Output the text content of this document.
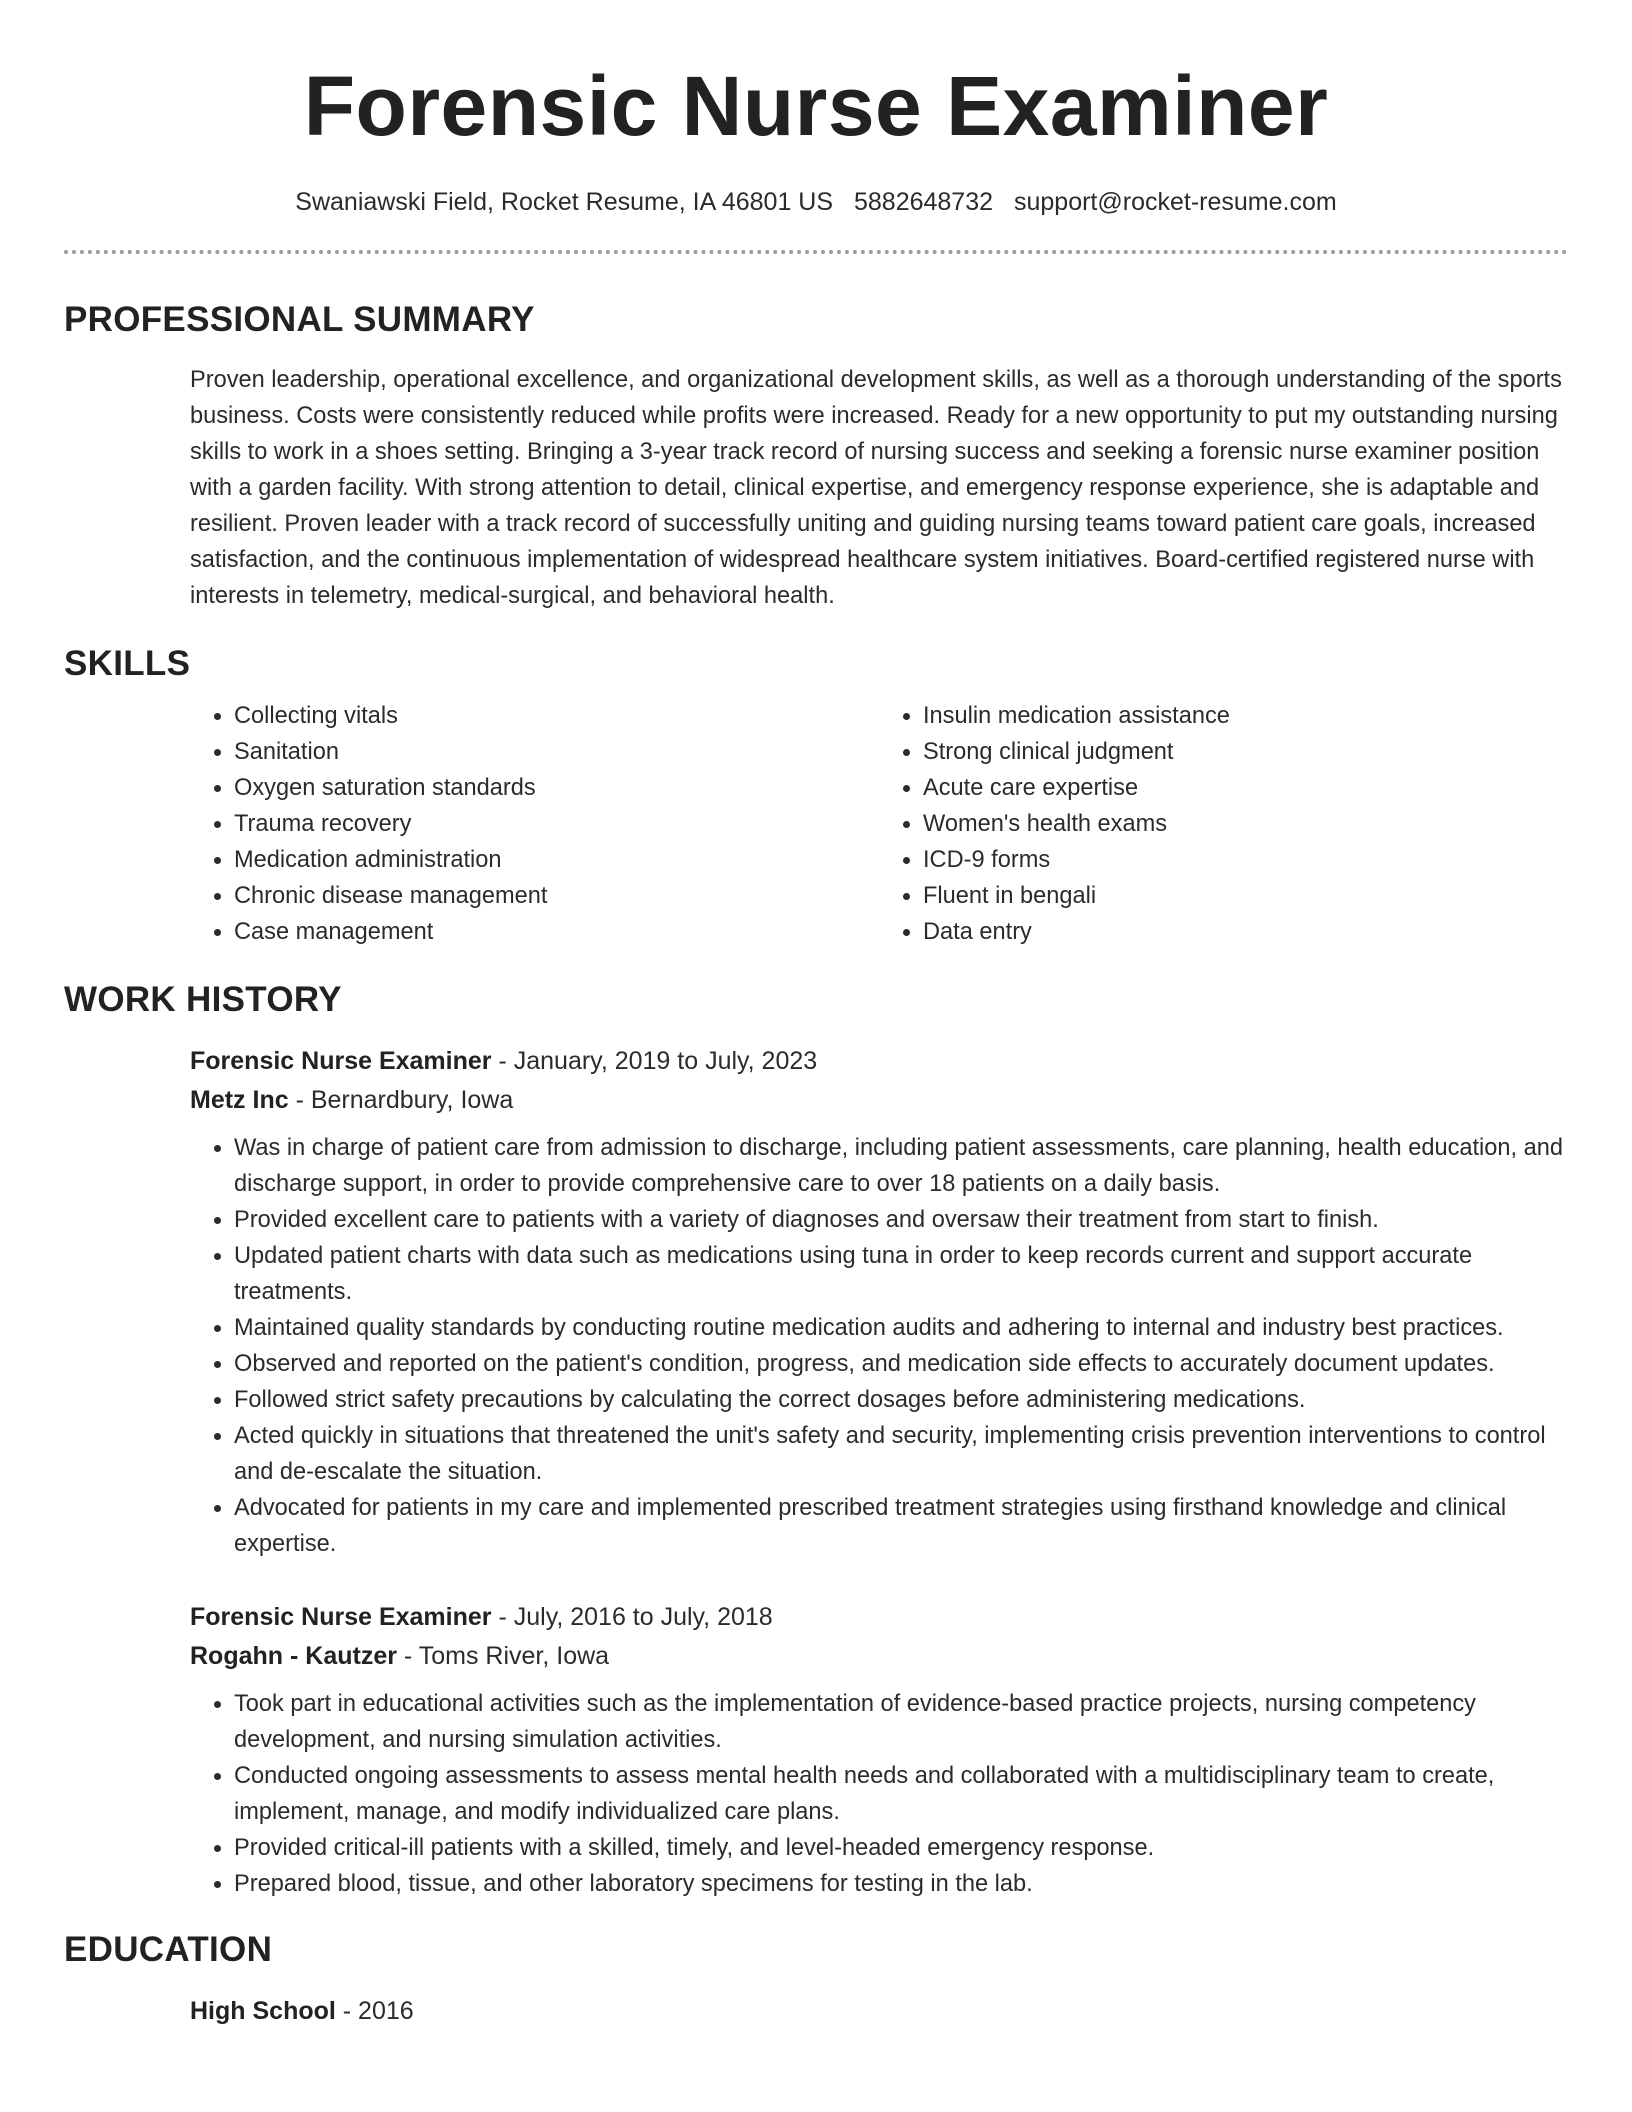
Forensic Nurse Examiner
Swaniawski Field, Rocket Resume, IA 46801 US 5882648732 support@rocket-resume.com
PROFESSIONAL SUMMARY

Proven leadership, operational excellence, and organizational development skills, as well as a thorough understanding of the sports business. Costs were consistently reduced while profits were increased. Ready for a new opportunity to put my outstanding nursing skills to work in a shoes setting. Bringing a 3-year track record of nursing success and seeking a forensic nurse examiner position with a garden facility. With strong attention to detail, clinical expertise, and emergency response experience, she is adaptable and resilient. Proven leader with a track record of successfully uniting and guiding nursing teams toward patient care goals, increased satisfaction, and the continuous implementation of widespread healthcare system initiatives. Board-certified registered nurse with interests in telemetry, medical-surgical, and behavioral health.

SKILLS
• Collecting vitals
• Sanitation
• Oxygen saturation standards
• Trauma recovery
• Medication administration
• Chronic disease management
• Case management
• Insulin medication assistance
• Strong clinical judgment
• Acute care expertise
• Women's health exams
• ICD-9 forms
• Fluent in bengali
• Data entry
WORK HISTORY
Forensic Nurse Examiner - January, 2019 to July, 2023
Metz Inc - Bernardbury, Iowa
• Was in charge of patient care from admission to discharge, including patient assessments, care planning, health education, and discharge support, in order to provide comprehensive care to over 18 patients on a daily basis.
• Provided excellent care to patients with a variety of diagnoses and oversaw their treatment from start to finish.
• Updated patient charts with data such as medications using tuna in order to keep records current and support accurate treatments.
• Maintained quality standards by conducting routine medication audits and adhering to internal and industry best practices.
• Observed and reported on the patient's condition, progress, and medication side effects to accurately document updates.
• Followed strict safety precautions by calculating the correct dosages before administering medications.
• Acted quickly in situations that threatened the unit's safety and security, implementing crisis prevention interventions to control and de-escalate the situation.
• Advocated for patients in my care and implemented prescribed treatment strategies using firsthand knowledge and clinical expertise.
Forensic Nurse Examiner - July, 2016 to July, 2018
Rogahn - Kautzer - Toms River, Iowa
• Took part in educational activities such as the implementation of evidence-based practice projects, nursing competency development, and nursing simulation activities.
• Conducted ongoing assessments to assess mental health needs and collaborated with a multidisciplinary team to create, implement, manage, and modify individualized care plans.
• Provided critical-ill patients with a skilled, timely, and level-headed emergency response.
• Prepared blood, tissue, and other laboratory specimens for testing in the lab.
EDUCATION
High School - 2016
